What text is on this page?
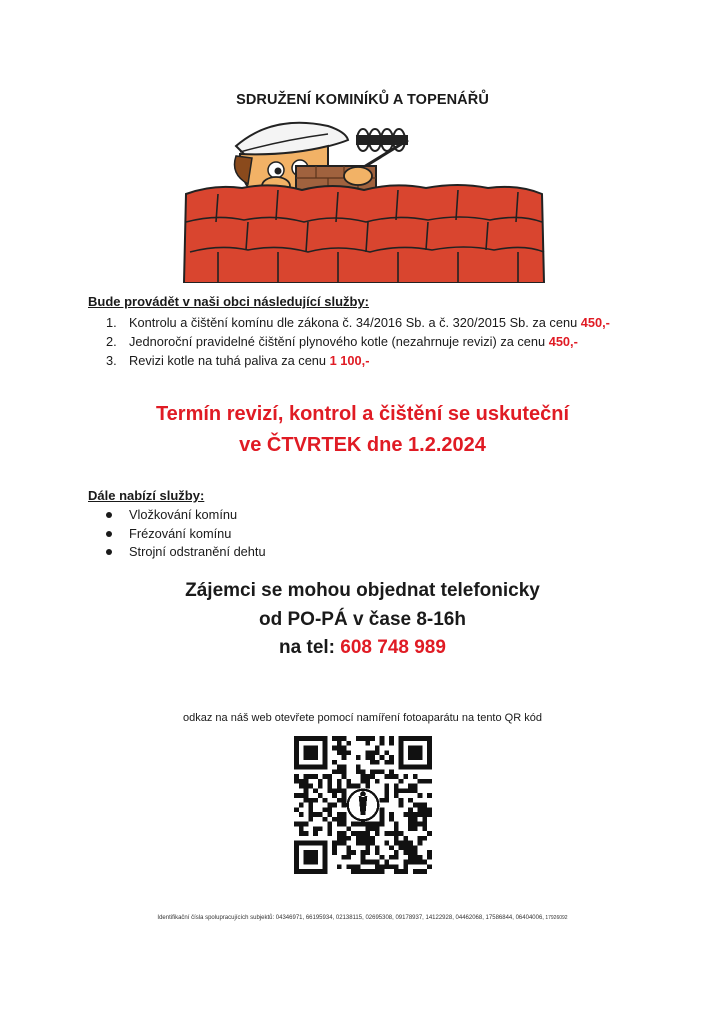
SDRUŽENÍ KOMINÍKŮ A TOPENÁŘŮ
Bude provádět v naši obci následující služby:
1. Kontrolu a čištění komínu dle zákona č. 34/2016 Sb. a č. 320/2015 Sb. za cenu 450,-
2. Jednoroční pravidelné čištění plynového kotle (nezahrnuje revizi) za cenu 450,-
3. Revizi kotle na tuhá paliva za cenu 1 100,-
Termín revizí, kontrol a čištění se uskuteční
ve ČTVRTEK dne 1.2.2024
Dále nabízí služby:
Vložkování komínu
Frézování komínu
Strojní odstranění dehtu
Zájemci se mohou objednat telefonicky
od PO-PÁ v čase 8-16h
na tel: 608 748 989
odkaz na náš web otevřete pomocí namíření fotoaparátu na tento QR kód
Identifikační čísla spolupracujících subjektů: 04346971, 66195934, 02138115, 02695308, 09178937, 14122928, 04462068, 17586844, 06404006, 17926092
